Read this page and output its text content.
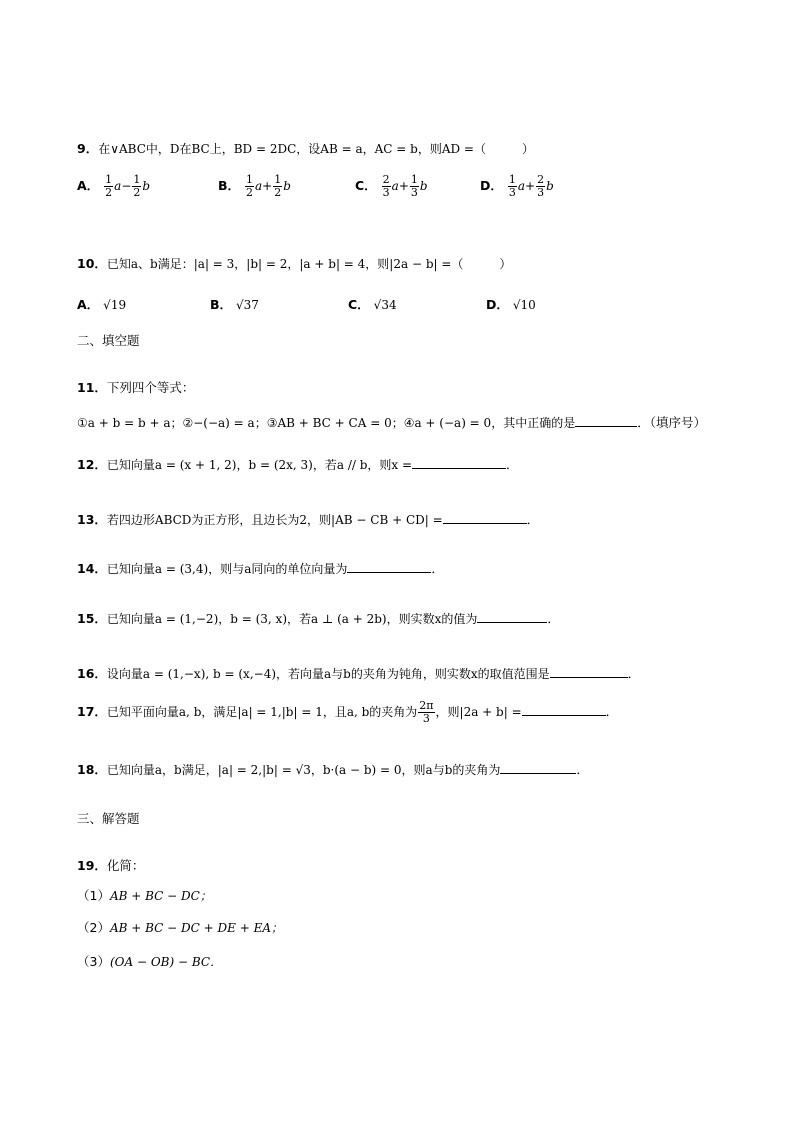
9．在∨ABC中，D在BC上，BD = 2DC，设AB = a，AC = b，则AD =（　　　）
A． $\frac{1}{2} a- \frac{1}{2}$ b	B． $\frac{1}{2} a+ \frac{1}{2}$ b	C． $\frac{2}{3} a+ \frac{1}{3}$ b	D． $\frac{1}{3} a+ \frac{2}{3}$ b
10．已知a、b满足：|a| = 3，|b| = 2，|a + b| = 4，则|2a − b| =（　　　）
A． √19	B． √37	C． √34	D． √10
二、填空题
11．下列四个等式：
①a + b = b + a；②−(−a) = a；③AB + BC + CA = 0；④a + (−a) = 0，其中正确的是	．（填序号）
12．已知向量a = (x + 1, 2)，b = (2x, 3)，若a // b，则x =	．
13．若四边形ABCD为正方形，且边长为2，则|AB − CB + CD| =	．
14．已知向量a = (3,4)，则与a同向的单位向量为	．
15．已知向量a = (1,−2)，b = (3, x)，若a ⊥ (a + 2b)，则实数x的值为	．
16．设向量a = (1,−x), b = (x,−4)，若向量a与b的夹角为钝角，则实数x的取值范围是	．
17．已知平面向量a, b，满足|a| = 1,|b| = 1，且a, b的夹角为 $\frac{2\pi}{3}$ ，则|2a + b| =	．
18．已知向量a，b满足，|a| = 2,|b| = √3，b·(a − b) = 0，则a与b的夹角为	．
三、解答题
19．化简：
（1）AB + BC − DC；
（2）AB + BC − DC + DE + EA；
（3）(OA − OB) − BC．
